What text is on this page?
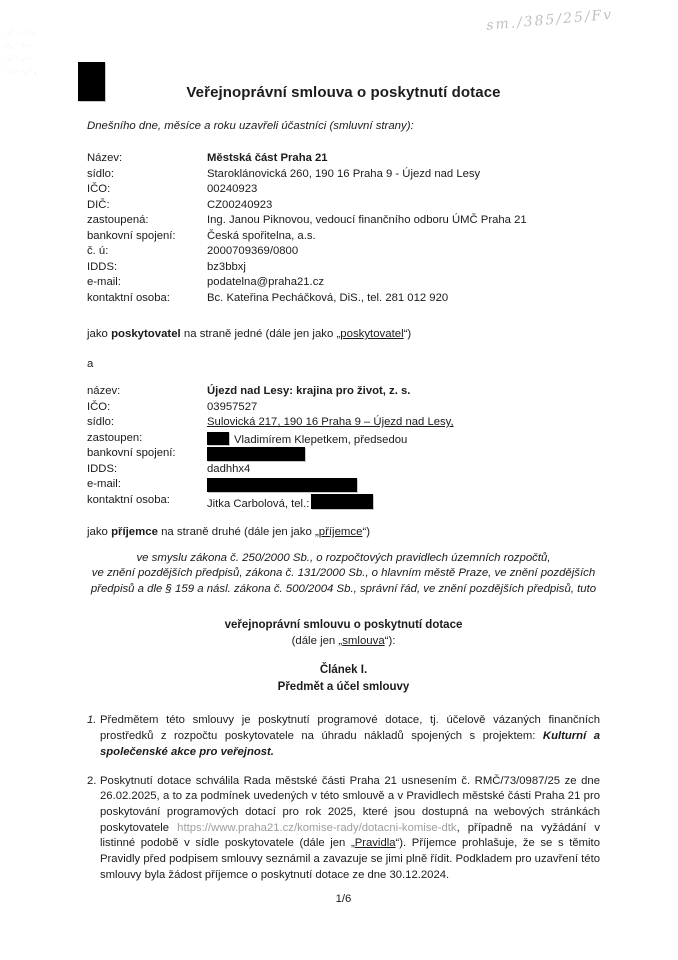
·.:˙· ·:˙·,
:·¸ ˙·:·.·
·,·˙: ¸··
˙·:.· ·¸·˙,
sm./385/25/Fv
Veřejnoprávní smlouva o poskytnutí dotace
Dnešního dne, měsíce a roku uzavřeli účastníci (smluvní strany):
Název:	Městská část Praha 21
sídlo:	Staroklánovická 260, 190 16 Praha 9 - Újezd nad Lesy
IČO:	00240923
DIČ:	CZ00240923
zastoupená:	Ing. Janou Piknovou, vedoucí finančního odboru ÚMČ Praha 21
bankovní spojení:	Česká spořitelna, a.s.
č. ú:	2000709369/0800
IDDS:	bz3bbxj
e-mail:	podatelna@praha21.cz
kontaktní osoba:	Bc. Kateřina Pecháčková, DiS., tel. 281 012 920
jako poskytovatel na straně jedné (dále jen jako „poskytovatel“)
a
název:	Újezd nad Lesy: krajina pro život, z. s.
IČO:	03957527
sídlo:	Sulovická 217, 190 16 Praha 9 – Újezd nad Lesy,
zastoupen:	Vladimírem Klepetkem, předsedou
bankovní spojení:
IDDS:	dadhhx4
e-mail:
kontaktní osoba:	Jitka Carbolová, tel.:
jako příjemce na straně druhé (dále jen jako „příjemce“)
ve smyslu zákona č. 250/2000 Sb., o rozpočtových pravidlech územních rozpočtů,
ve znění pozdějších předpisů, zákona č. 131/2000 Sb., o hlavním městě Praze, ve znění pozdějších
předpisů a dle § 159 a násl. zákona č. 500/2004 Sb., správní řád, ve znění pozdějších předpisů, tuto
veřejnoprávní smlouvu o poskytnutí dotace
(dále jen „smlouva“):
Článek I.
Předmět a účel smlouvy
1. Předmětem této smlouvy je poskytnutí programové dotace, tj. účelově vázaných finančních prostředků z rozpočtu poskytovatele na úhradu nákladů spojených s projektem: Kulturní a společenské akce pro veřejnost.
2. Poskytnutí dotace schválila Rada městské části Praha 21 usnesením č. RMČ/73/0987/25 ze dne 26.02.2025, a to za podmínek uvedených v této smlouvě a v Pravidlech městské části Praha 21 pro poskytování programových dotací pro rok 2025, které jsou dostupná na webových stránkách poskytovatele https://www.praha21.cz/komise-rady/dotacni-komise-dtk, případně na vyžádání v listinné podobě v sídle poskytovatele (dále jen „Pravidla“). Příjemce prohlašuje, že se s těmito Pravidly před podpisem smlouvy seznámil a zavazuje se jimi plně řídit. Podkladem pro uzavření této smlouvy byla žádost příjemce o poskytnutí dotace ze dne 30.12.2024.
1/6
